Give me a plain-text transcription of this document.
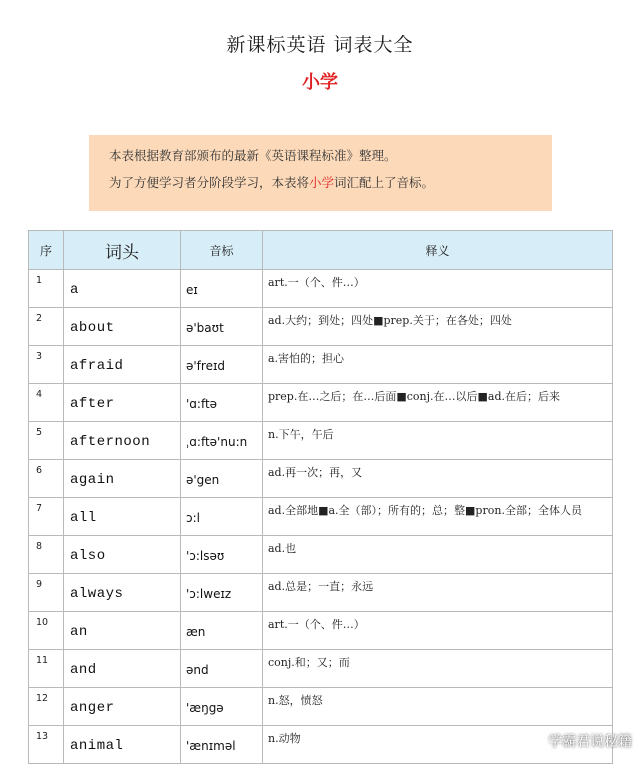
新课标英语 词表大全
小学

本表根据教育部颁布的最新《英语课程标准》整理。

为了方便学习者分阶段学习，本表将小学词汇配上了音标。

序	词头	音标	释义

1	a	eɪ	art.一（个、件…）

2	about	ə'baʊt	ad.大约；到处；四处■prep.关于；在各处；四处

3	afraid	ə'freɪd	a.害怕的；担心

4	after	'ɑ:ftə	prep.在…之后；在…后面■conj.在…以后■ad.在后；后来

5	afternoon	ˌɑ:ftə'nu:n	n.下午，午后

6	again	ə'gen	ad.再一次；再，又

7	all	ɔ:l	ad.全部地■a.全（部）；所有的；总；整■pron.全部；全体人员

8	also	'ɔ:lsəʊ	ad.也

9	always	'ɔ:lweɪz	ad.总是；一直；永远

10	an	æn	art.一（个、件…）

11	and	ənd	conj.和；又；而

12	anger	'æŋgə	n.怒，愤怒

13	animal	'ænɪməl	n.动物	学霸君说秘籍
